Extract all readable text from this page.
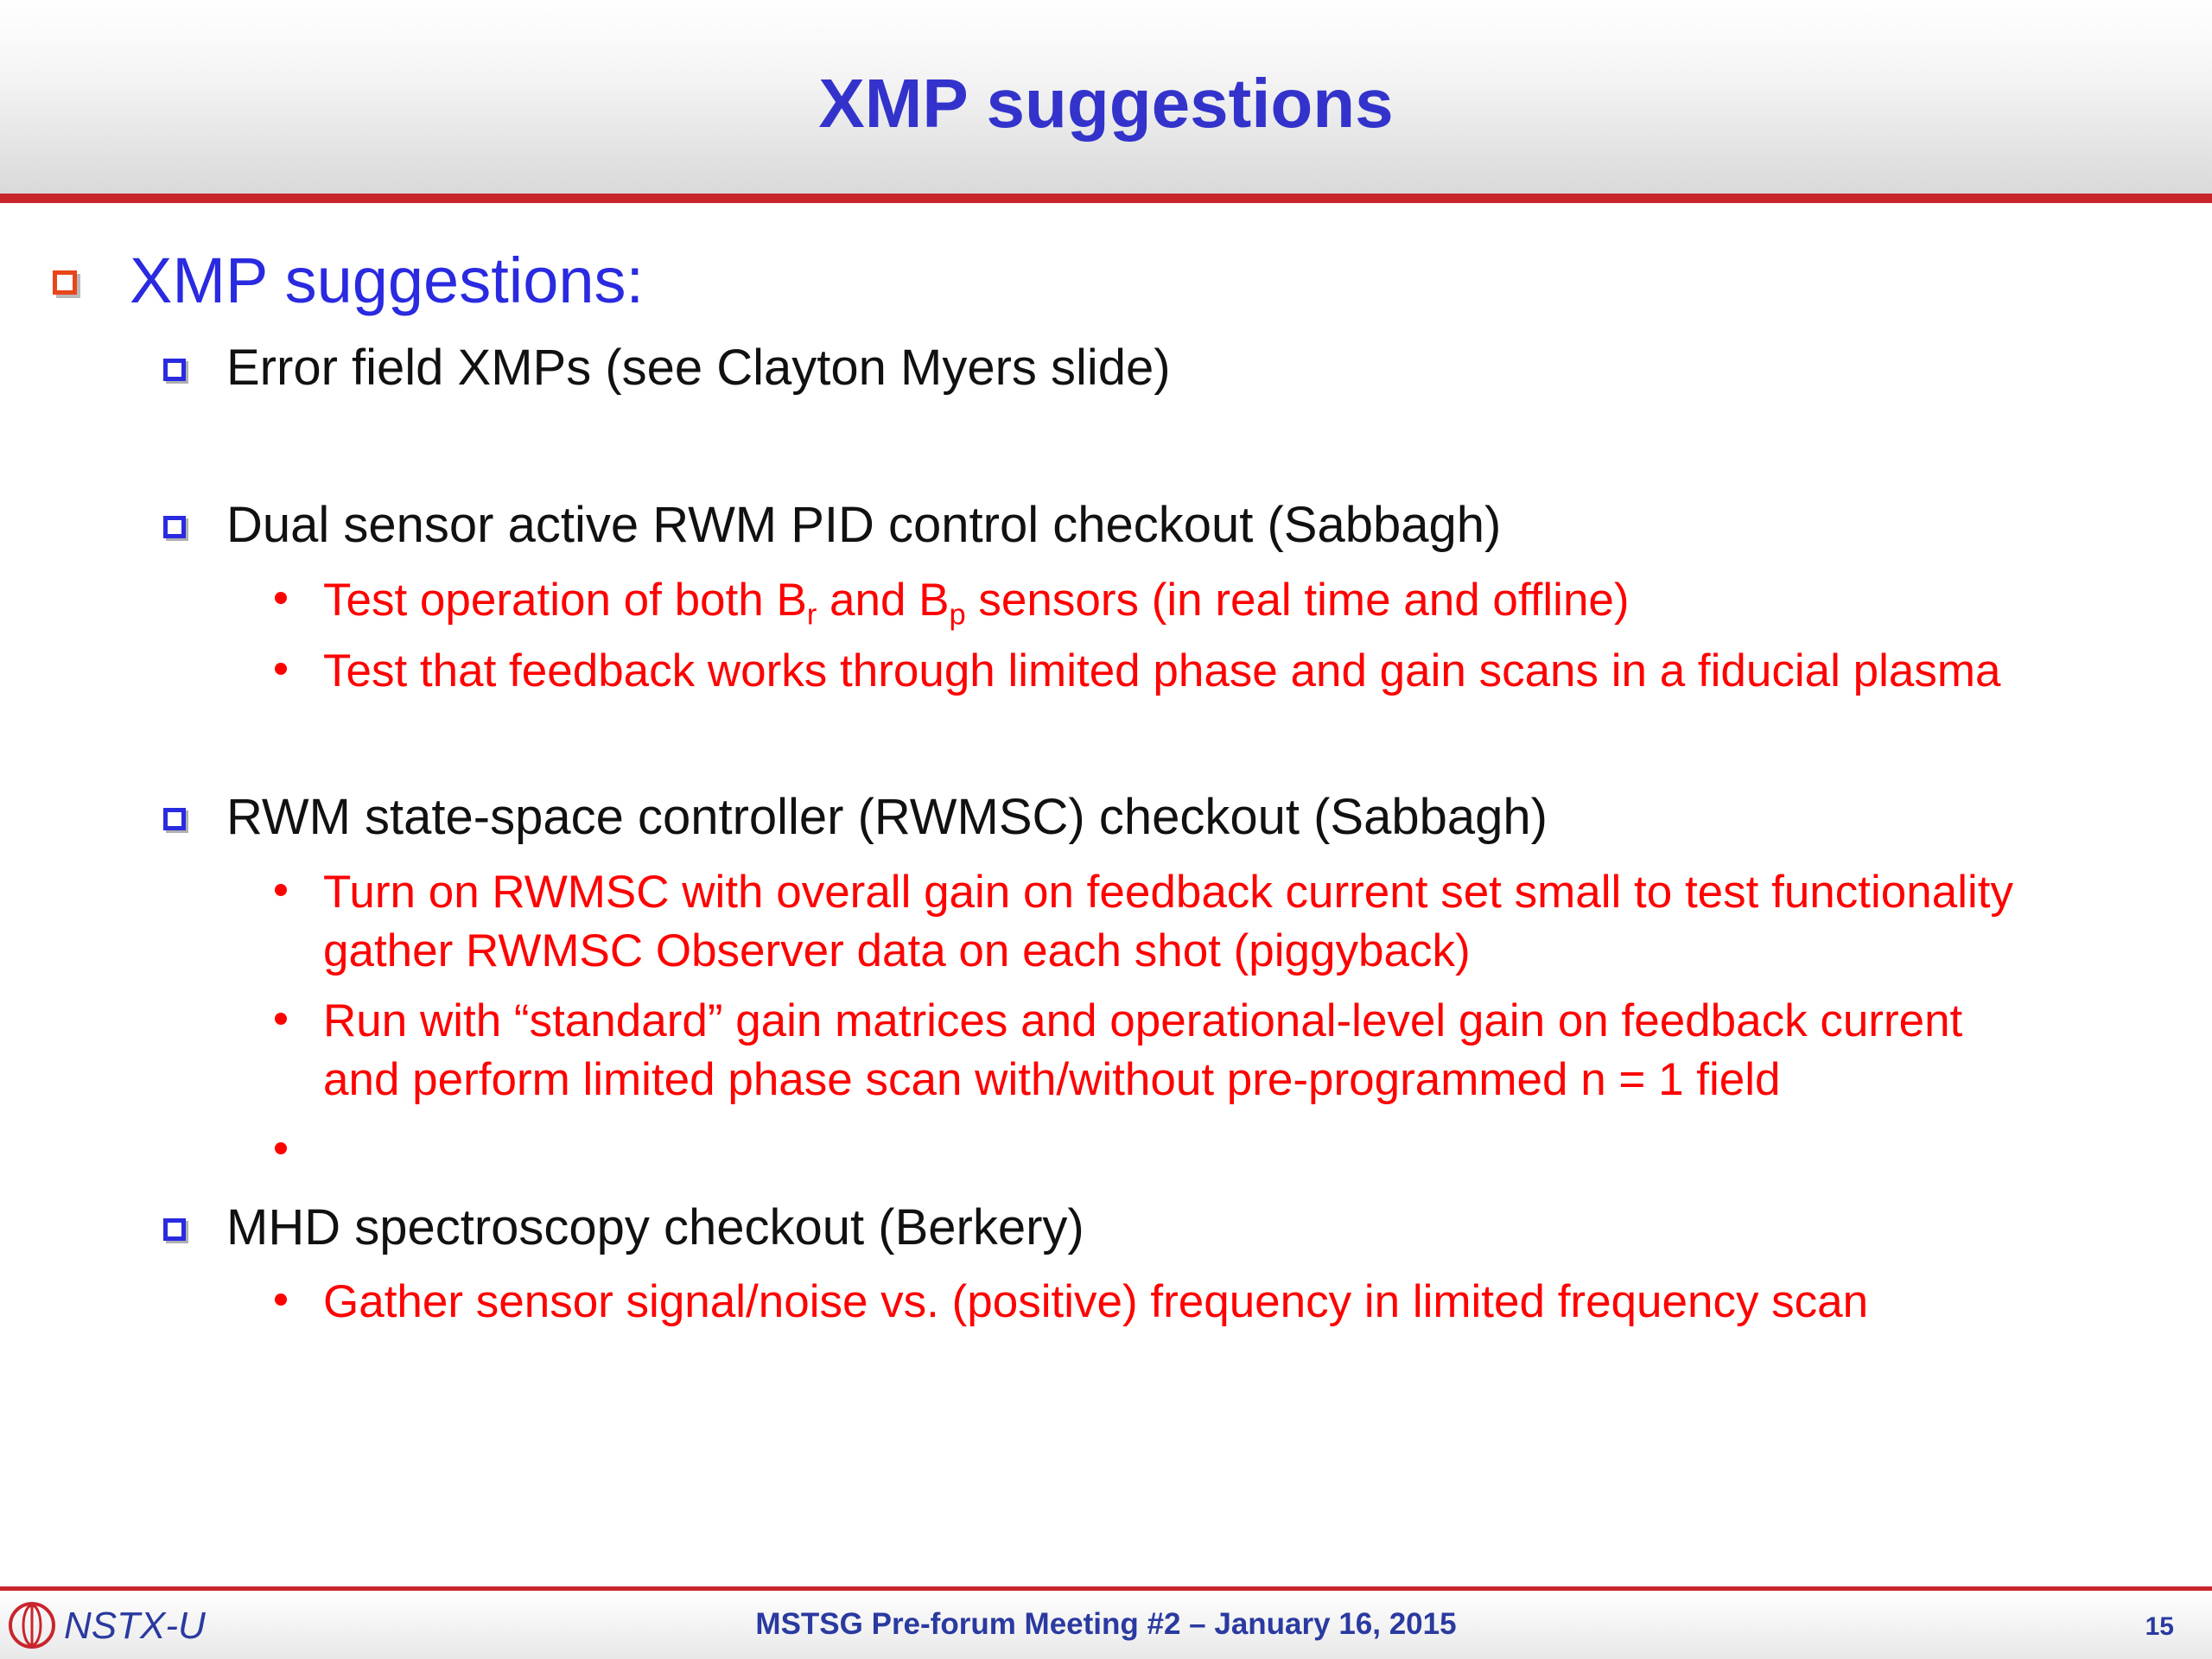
XMP suggestions
XMP suggestions:
Error field XMPs (see Clayton Myers slide)
Dual sensor active RWM PID control checkout (Sabbagh)
Test operation of both $B_r$ and $B_p$ sensors (in real time and offline)
Test that feedback works through limited phase and gain scans in a fiducial plasma
RWM state-space controller (RWMSC) checkout (Sabbagh)
Turn on RWMSC with overall gain on feedback current set small to test functionality
gather RWMSC Observer data on each shot (piggyback)
Run with “standard” gain matrices and operational-level gain on feedback current
and perform limited phase scan with/without pre-programmed n = 1 field
MHD spectroscopy checkout (Berkery)
Gather sensor signal/noise vs. (positive) frequency in limited frequency scan
NSTX-U	MSTSG Pre-forum Meeting #2 – January 16, 2015	15
